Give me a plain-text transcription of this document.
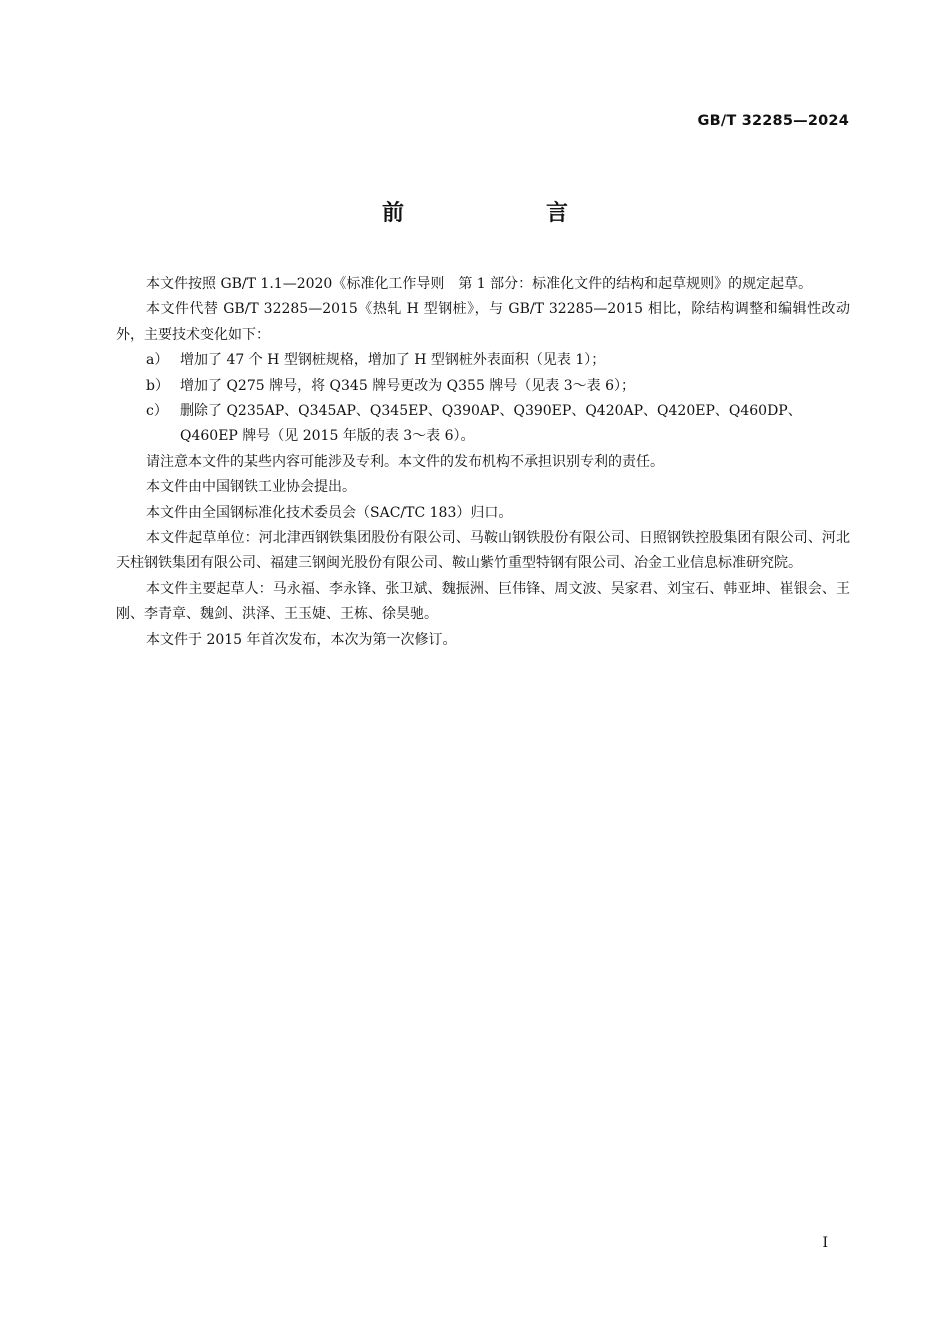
GB/T 32285—2024
前　言

本文件按照 GB/T 1.1—2020《标准化工作导则　第 1 部分：标准化文件的结构和起草规则》的规定起草。

本文件代替 GB/T 32285—2015《热轧 H 型钢桩》，与 GB/T 32285—2015 相比，除结构调整和编辑性改动外，主要技术变化如下：

a） 增加了 47 个 H 型钢桩规格，增加了 H 型钢桩外表面积（见表 1）；

b） 增加了 Q275 牌号，将 Q345 牌号更改为 Q355 牌号（见表 3～表 6）；

c） 删除了 Q235AP、Q345AP、Q345EP、Q390AP、Q390EP、Q420AP、Q420EP、Q460DP、Q460EP 牌号（见 2015 年版的表 3～表 6）。

请注意本文件的某些内容可能涉及专利。本文件的发布机构不承担识别专利的责任。

本文件由中国钢铁工业协会提出。

本文件由全国钢标准化技术委员会（SAC/TC 183）归口。

本文件起草单位：河北津西钢铁集团股份有限公司、马鞍山钢铁股份有限公司、日照钢铁控股集团有限公司、河北天柱钢铁集团有限公司、福建三钢闽光股份有限公司、鞍山紫竹重型特钢有限公司、冶金工业信息标准研究院。

本文件主要起草人：马永福、李永锋、张卫斌、魏振洲、巨伟锋、周文波、吴家君、刘宝石、韩亚坤、崔银会、王刚、李青章、魏剑、洪泽、王玉婕、王栋、徐昊驰。

本文件于 2015 年首次发布，本次为第一次修订。

I
